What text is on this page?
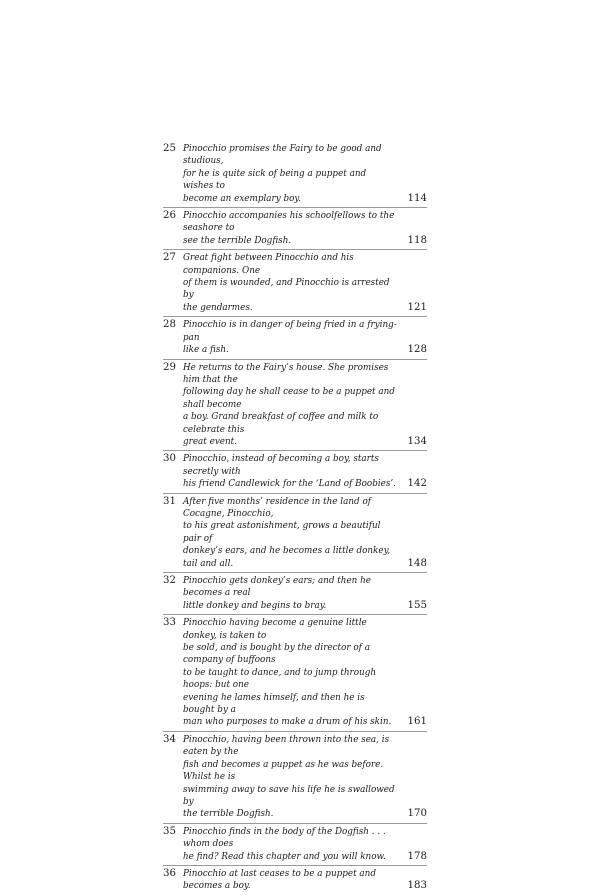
25 Pinocchio promises the Fairy to be good and studious,
for he is quite sick of being a puppet and wishes to
become an exemplary boy.	114
26 Pinocchio accompanies his schoolfellows to the seashore to
see the terrible Dogfish.	118
27 Great fight between Pinocchio and his companions. One
of them is wounded, and Pinocchio is arrested by
the gendarmes.	121
28 Pinocchio is in danger of being fried in a frying-pan
like a fish.	128
29 He returns to the Fairy’s house. She promises him that the
following day he shall cease to be a puppet and shall become
a boy. Grand breakfast of coffee and milk to celebrate this
great event.	134
30 Pinocchio, instead of becoming a boy, starts secretly with
his friend Candlewick for the ‘Land of Boobies’. 142
31 After five months’ residence in the land of Cocagne, Pinocchio,
to his great astonishment, grows a beautiful pair of
donkey’s ears, and he becomes a little donkey, tail and all.	148
32 Pinocchio gets donkey’s ears; and then he becomes a real
little donkey and begins to bray.	155
33 Pinocchio having become a genuine little donkey, is taken to
be sold, and is bought by the director of a company of buffoons
to be taught to dance, and to jump through hoops: but one
evening he lames himself, and then he is bought by a
man who purposes to make a drum of his skin.	161
34 Pinocchio, having been thrown into the sea, is eaten by the
fish and becomes a puppet as he was before. Whilst he is
swimming away to save his life he is swallowed by
the terrible Dogfish.	170
35 Pinocchio finds in the body of the Dogfish . . . whom does
he find? Read this chapter and you will know.	178
36 Pinocchio at last ceases to be a puppet and becomes a boy.	183
